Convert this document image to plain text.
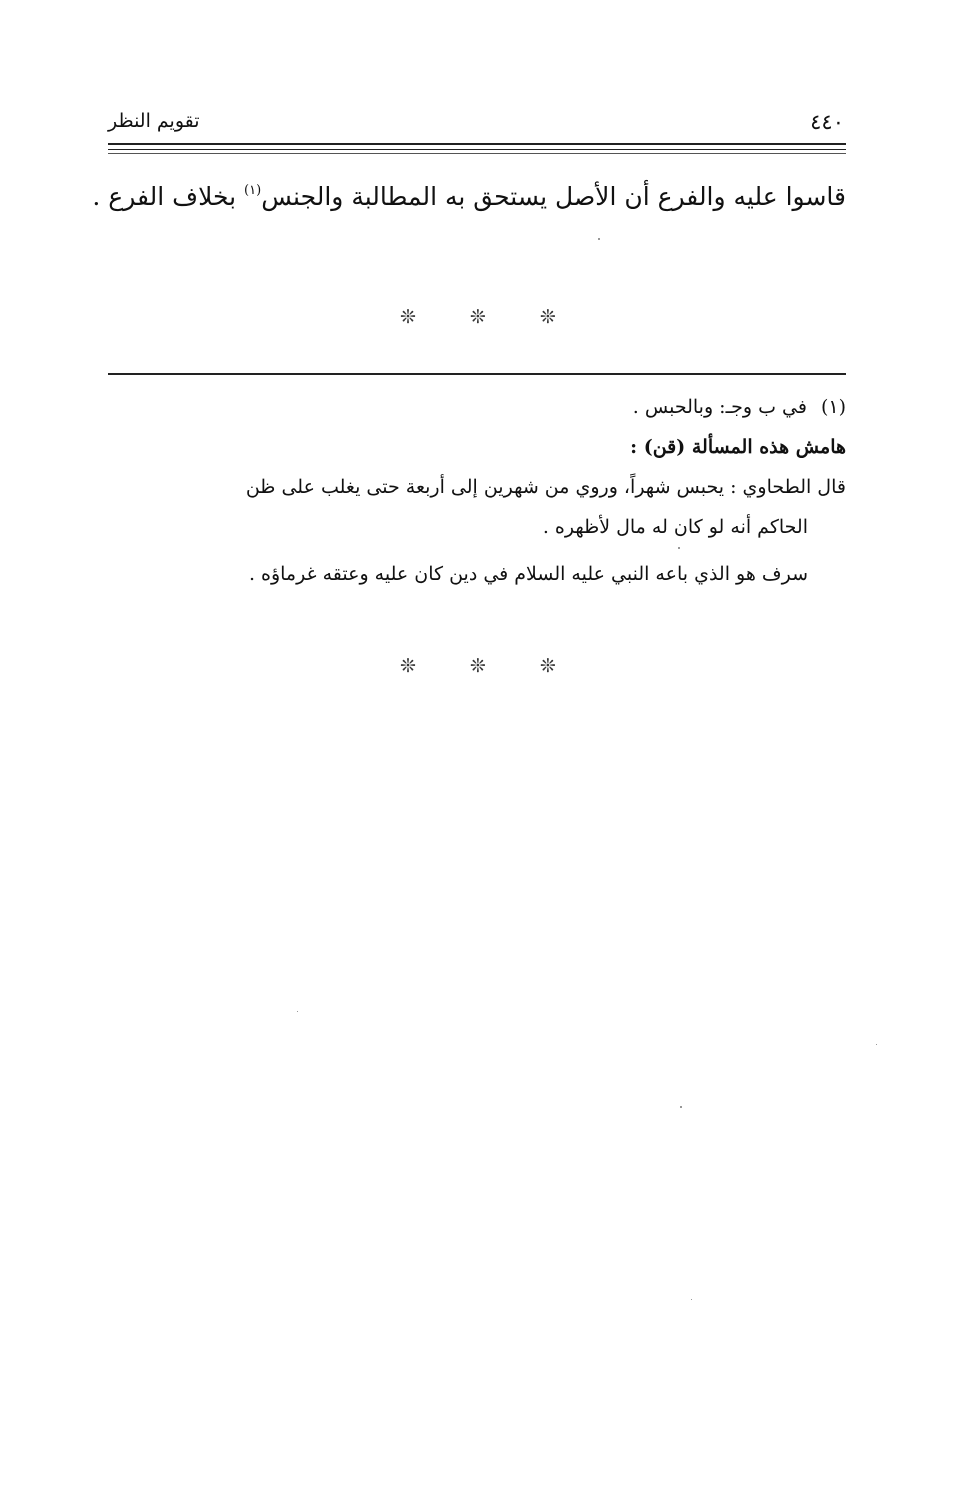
تقويم النظر	٤٤٠
قاسوا عليه والفرع أن الأصل يستحق به المطالبة والجنس$^{(١)}$ بخلاف الفرع .
❊ ❊ ❊
(١)في ب وجـ: وبالحبس .
هامش هذه المسألة (قن) :
قال الطحاوي : يحبس شهراً، وروي من شهرين إلى أربعة حتى يغلب على ظن
الحاكم أنه لو كان له مال لأظهره .
سرف هو الذي باعه النبي عليه السلام في دين كان عليه وعتقه غرماؤه .
❊ ❊ ❊
